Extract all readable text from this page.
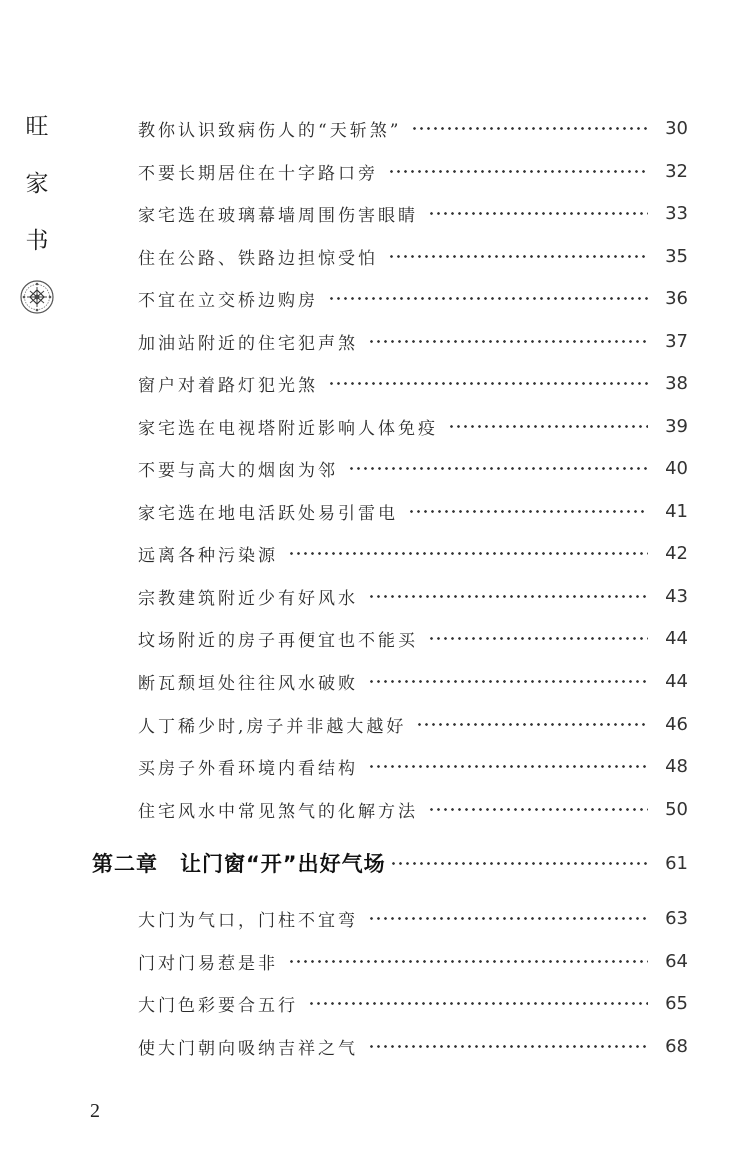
旺
家
书
教你认识致病伤人的“天斩煞”	30
不要长期居住在十字路口旁	32
家宅选在玻璃幕墙周围伤害眼睛	33
住在公路、铁路边担惊受怕	35
不宜在立交桥边购房	36
加油站附近的住宅犯声煞	37
窗户对着路灯犯光煞	38
家宅选在电视塔附近影响人体免疫	39
不要与高大的烟囱为邻	40
家宅选在地电活跃处易引雷电	41
远离各种污染源	42
宗教建筑附近少有好风水	43
坟场附近的房子再便宜也不能买	44
断瓦颓垣处往往风水破败	44
人丁稀少时,房子并非越大越好	46
买房子外看环境内看结构	48
住宅风水中常见煞气的化解方法	50
第二章 让门窗“开”出好气场	61
大门为气口，门柱不宜弯	63
门对门易惹是非	64
大门色彩要合五行	65
使大门朝向吸纳吉祥之气	68
2
